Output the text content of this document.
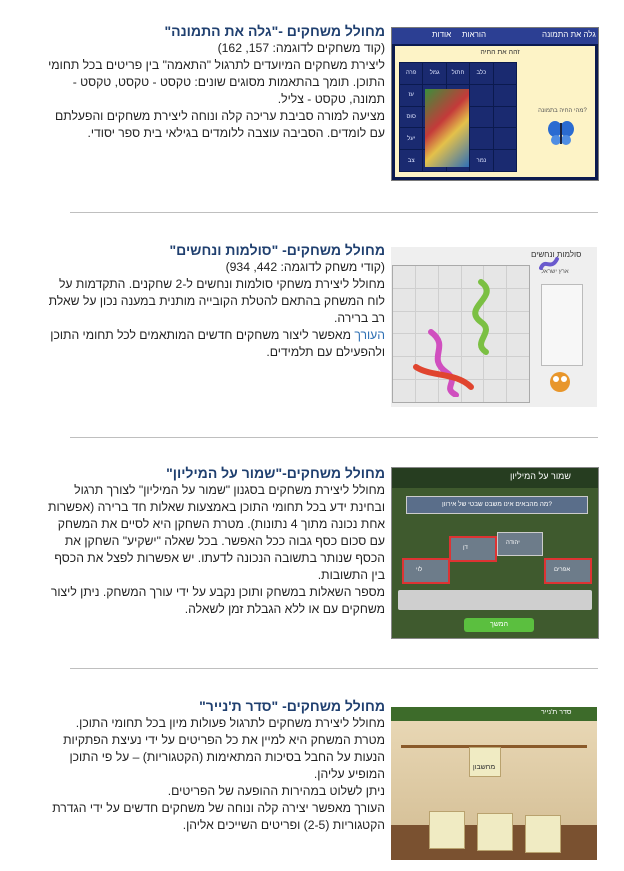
מחולל משחקים -"גלה את התמונה"
(קוד משחקים לדוגמה: 157, 162)

ליצירת משחקים המיועדים לתרגול "התאמה" בין פריטים בכל תחומי התוכן. תומך בהתאמות מסוגים שונים: טקסט - טקסט, טקסט - תמונה, טקסט - צליל.

מציעה למורה סביבת עריכה קלה ונוחה ליצירת משחקים והפעלתם עם לומדים. הסביבה עוצבה ללומדים בגילאי בית ספר יסודי.

גלה את התמונה
הוראות
אודות
זהה את החיה
פרה	גמל	חתול	כלב
עז
סוס
יעל
צב	נמר
מהי החיה בתמונה?
מחולל משחקים- "סולמות ונחשים"
(קודי משחק לדוגמה: 442, 934)

מחולל ליצירת משחקי סולמות ונחשים ל-2 שחקנים. התקדמות על לוח המשחק בהתאם להטלת הקובייה מותנית במענה נכון על שאלת רב ברירה.

העורך מאפשר ליצור משחקים חדשים המותאמים לכל תחומי התוכן ולהפעילם עם תלמידים.

סולמות ונחשים
ארץ ישראל
מחולל משחקים-"שמור על המיליון"

מחולל ליצירת משחקים בסגנון "שמור על המיליון" לצורך תרגול ובחינת ידע בכל תחומי התוכן באמצעות שאלות חד ברירה (אפשרות אחת נכונה מתוך 4 נתונות). מטרת השחקן היא לסיים את המשחק עם סכום כסף גבוה ככל האפשר. בכל שאלה "ישקיע" השחקן את הכסף שנותר בתשובה הנכונה לדעתו. יש אפשרות לפצל את הכסף בין התשובות.

מספר השאלות במשחק ותוכן נקבע על ידי עורך המשחק. ניתן ליצור משחקים עם או ללא הגבלת זמן לשאלה.

שמור על המיליון
מה מהבאים אינו משבט שבטי של אירוון?
לוי
דן
יהודה
אפרים
המשך
מחולל משחקים- "סדר ת'נייר"

מחולל ליצירת משחקים לתרגול פעולות מיון בכל תחומי התוכן.

מטרת המשחק היא למיין את כל הפריטים על ידי נעיצת הפתקיות הנעות על החבל בסיכות המתאימות (הקטגוריות) – על פי התוכן המופיע עליהן.

ניתן לשלוט במהירות ההופעה של הפריטים.

העורך מאפשר יצירה קלה ונוחה של משחקים חדשים על ידי הגדרת הקטגוריות (2-5) ופריטים השייכים אליהן.

סדר ת'נייר
מחשבון
